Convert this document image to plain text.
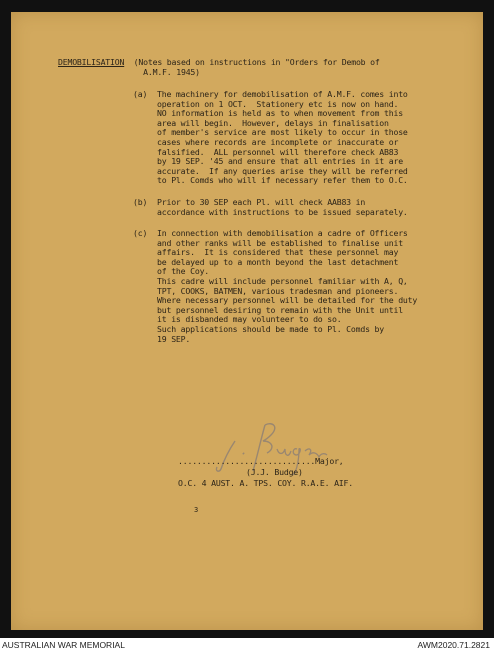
DEMOBILISATION  (Notes based on instructions in "Orders for Demob of
A.M.F. 1945)

(a)

The machinery for demobilisation of A.M.F. comes into
operation on 1 OCT.  Stationery etc is now on hand.
NO information is held as to when movement from this
area will begin.  However, delays in finalisation
of member's service are most likely to occur in those
cases where records are incomplete or inaccurate or
falsified.  ALL personnel will therefore check AB83
by 19 SEP. '45 and ensure that all entries in it are
accurate.  If any queries arise they will be referred
to Pl. Comds who will if necessary refer them to O.C.

(b)

Prior to 30 SEP each Pl. will check AAB83 in
accordance with instructions to be issued separately.

(c)

In connection with demobilisation a cadre of Officers
and other ranks will be established to finalise unit
affairs.  It is considered that these personnel may
be delayed up to a month beyond the last detachment
of the Coy.
This cadre will include personnel familiar with A, Q,
TPT, COOKS, BATMEN, various tradesman and pioneers.
Where necessary personnel will be detailed for the duty
but personnel desiring to remain with the Unit until
it is disbanded may volunteer to do so.
Such applications should be made to Pl. Comds by
19 SEP.

.............................Major,
(J.J. Budge)
O.C. 4 AUST. A. TPS. COY. R.A.E. AIF.
3
AUSTRALIAN WAR MEMORIAL	AWM2020.71.2821
